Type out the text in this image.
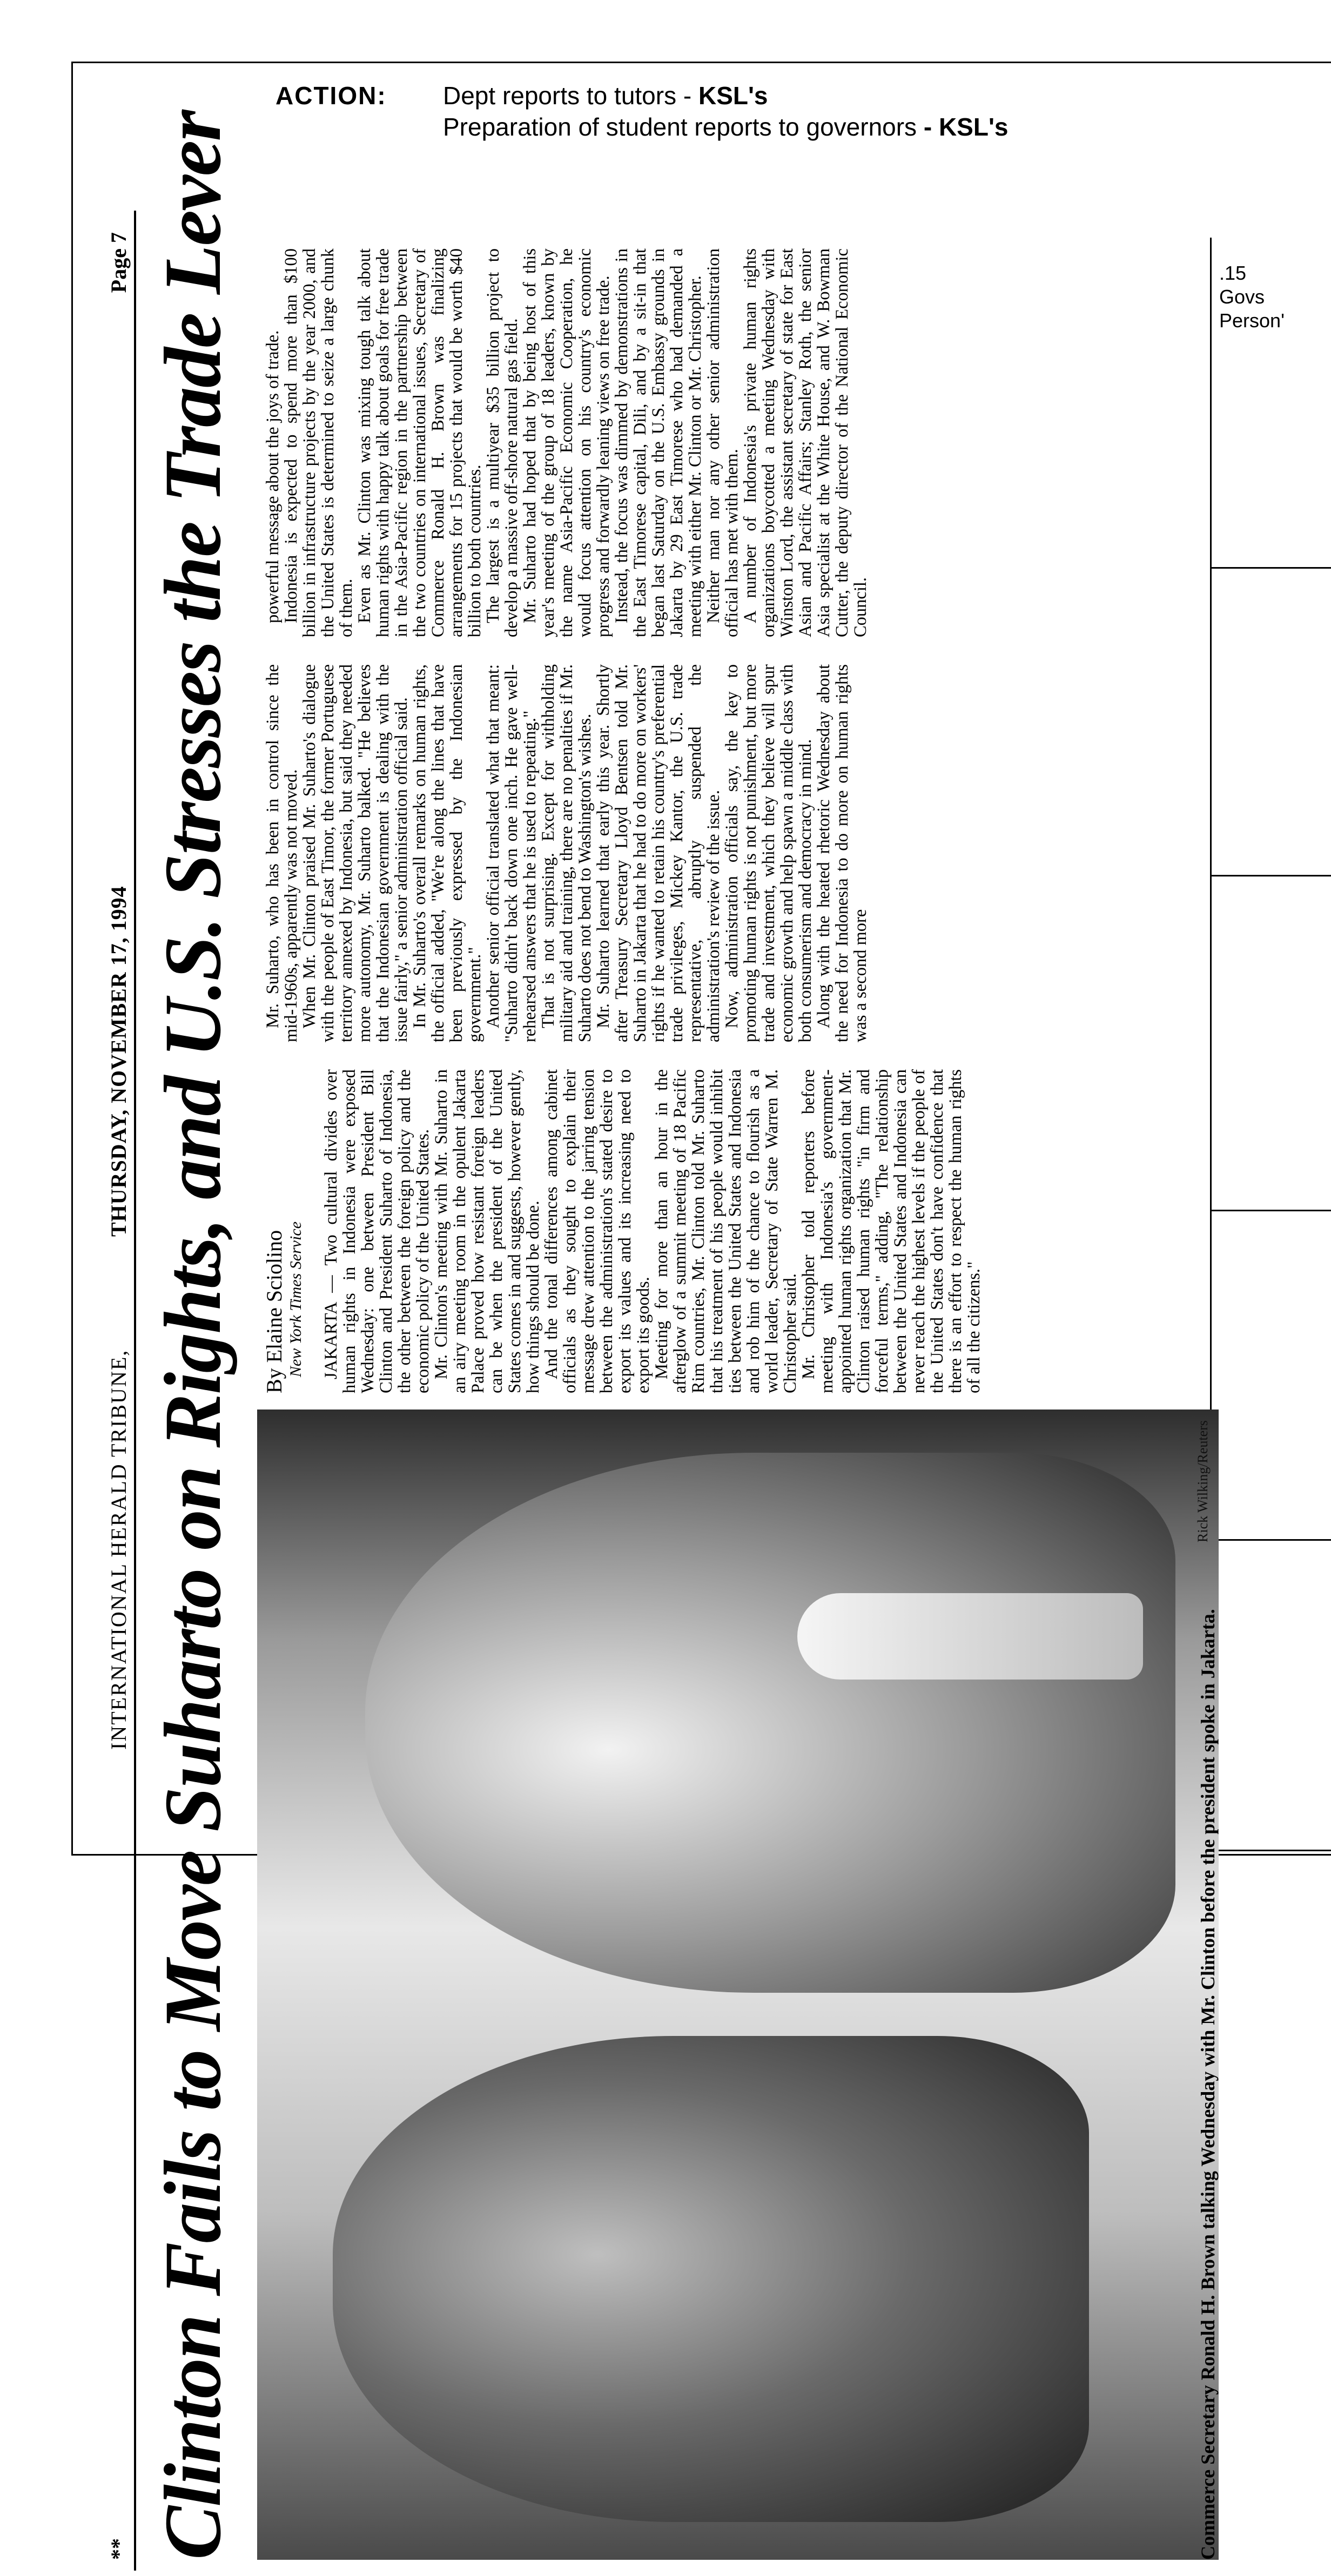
ACTION: Dept reports to tutors - KSL's
Preparation of student reports to governors - KSL's
.15
Govs
Person'
**
INTERNATIONAL HERALD TRIBUNE,
THURSDAY, NOVEMBER 17, 1994
Page 7 Clinton Fails to Move Suharto on Rights, and U.S. Stresses the Trade Lever	Rick Wilking/Reuters
Commerce Secretary Ronald H. Brown talking Wednesday with Mr. Clinton before the president spoke in Jakarta.
By Elaine Sciolino New York Times Service JAKARTA — Two cultural divides over human rights in Indonesia were exposed Wednesday: one between President Bill Clinton and President Suharto of Indonesia, the other between the foreign policy and the economic policy of the United States.

Mr. Clinton's meeting with Mr. Suharto in an airy meeting room in the opulent Jakarta Palace proved how resistant foreign leaders can be when the president of the United States comes in and suggests, however gently, how things should be done.

And the tonal differences among cabinet officials as they sought to explain their message drew attention to the jarring tension between the administration's stated desire to export its values and its increasing need to export its goods.

Meeting for more than an hour in the afterglow of a summit meeting of 18 Pacific Rim countries, Mr. Clinton told Mr. Suharto that his treatment of his people would inhibit ties between the United States and Indonesia and rob him of the chance to flourish as a world leader, Secretary of State Warren M. Christopher said.

Mr. Christopher told reporters before meeting with Indonesia's government-appointed human rights organization that Mr. Clinton raised human rights "in firm and forceful terms," adding, "The relationship between the United States and Indonesia can never reach the highest levels if the people of the United States don't have confidence that there is an effort to respect the human rights of all the citizens."

Mr. Suharto, who has been in control since the mid-1960s, apparently was not moved.

When Mr. Clinton praised Mr. Suharto's dialogue with the people of East Timor, the former Portuguese territory annexed by Indonesia, but said they needed more autonomy, Mr. Suharto balked. "He believes that the Indonesian government is dealing with the issue fairly," a senior administration official said.

In Mr. Suharto's overall remarks on human rights, the official added, "We're along the lines that have been previously expressed by the Indonesian government."

Another senior official translated what that meant: "Suharto didn't back down one inch. He gave well-rehearsed answers that he is used to repeating."

That is not surprising. Except for withholding military aid and training, there are no penalties if Mr. Suharto does not bend to Washington's wishes.

Mr. Suharto learned that early this year. Shortly after Treasury Secretary Lloyd Bentsen told Mr. Suharto in Jakarta that he had to do more on workers' rights if he wanted to retain his country's preferential trade privileges, Mickey Kantor, the U.S. trade representative, abruptly suspended the administration's review of the issue.

Now, administration officials say, the key to promoting human rights is not punishment, but more trade and investment, which they believe will spur economic growth and help spawn a middle class with both consumerism and democracy in mind.

Along with the heated rhetoric Wednesday about the need for Indonesia to do more on human rights was a second more

powerful message about the joys of trade.

Indonesia is expected to spend more than $100 billion in infrastructure projects by the year 2000, and the United States is determined to seize a large chunk of them.

Even as Mr. Clinton was mixing tough talk about human rights with happy talk about goals for free trade in the Asia-Pacific region in the partnership between the two countries on international issues, Secretary of Commerce Ronald H. Brown was finalizing arrangements for 15 projects that would be worth $40 billion to both countries.

The largest is a multiyear $35 billion project to develop a massive off-shore natural gas field.

Mr. Suharto had hoped that by being host of this year's meeting of the group of 18 leaders, known by the name Asia-Pacific Economic Cooperation, he would focus attention on his country's economic progress and forwardly leaning views on free trade.

Instead, the focus was dimmed by demonstrations in the East Timorese capital, Dili, and by a sit-in that began last Saturday on the U.S. Embassy grounds in Jakarta by 29 East Timorese who had demanded a meeting with either Mr. Clinton or Mr. Christopher.

Neither man nor any other senior administration official has met with them.

A number of Indonesia's private human rights organizations boycotted a meeting Wednesday with Winston Lord, the assistant secretary of state for East Asian and Pacific Affairs; Stanley Roth, the senior Asia specialist at the White House, and W. Bowman Cutter, the deputy director of the National Economic Council.
